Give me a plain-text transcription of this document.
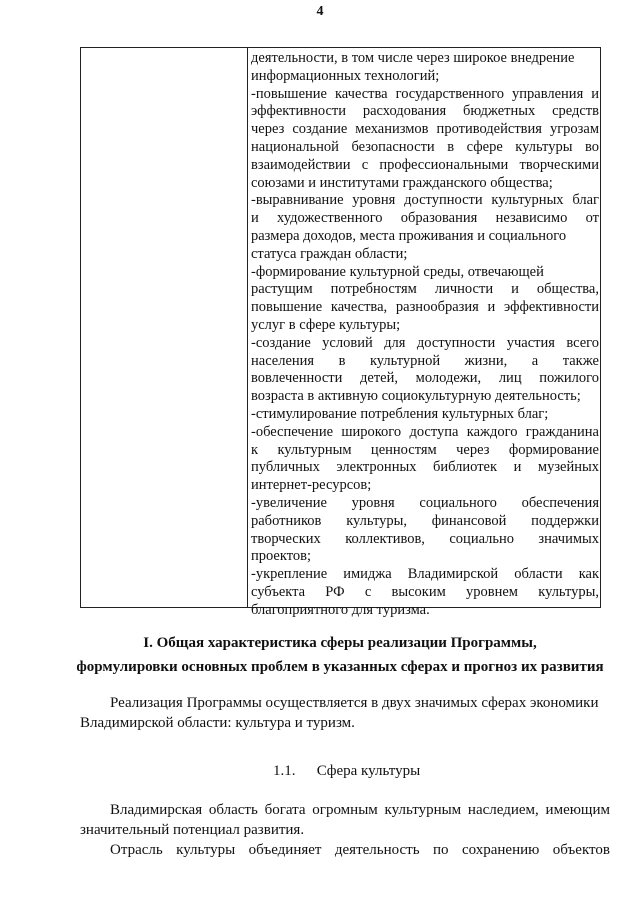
4
деятельности, в том числе через широкое внедрение
информационных технологий;
-повышение качества государственного управления и
эффективности расходования бюджетных средств
через создание механизмов противодействия угрозам
национальной безопасности в сфере культуры во
взаимодействии с профессиональными творческими
союзами и институтами гражданского общества;
-выравнивание уровня доступности культурных благ
и художественного образования независимо от
размера доходов, места проживания и социального
статуса граждан области;
-формирование культурной среды, отвечающей
растущим потребностям личности и общества,
повышение качества, разнообразия и эффективности
услуг в сфере культуры;
-создание условий для доступности участия всего
населения в культурной жизни, а также
вовлеченности детей, молодежи, лиц пожилого
возраста в активную социокультурную деятельность;
-стимулирование потребления культурных благ;
-обеспечение широкого доступа каждого гражданина
к культурным ценностям через формирование
публичных электронных библиотек и музейных
интернет-ресурсов;
-увеличение уровня социального обеспечения
работников культуры, финансовой поддержки
творческих коллективов, социально значимых
проектов;
-укрепление имиджа Владимирской области как
субъекта РФ с высоким уровнем культуры,
благоприятного для туризма.
I. Общая характеристика сферы реализации Программы,
формулировки основных проблем в указанных сферах и прогноз их развития
Реализация Программы осуществляется в двух значимых сферах экономики
Владимирской области: культура и туризм.
1.1. Сфера культуры
Владимирская область богата огромным культурным наследием, имеющим
значительный потенциал развития.
Отрасль культуры объединяет деятельность по сохранению объектов
